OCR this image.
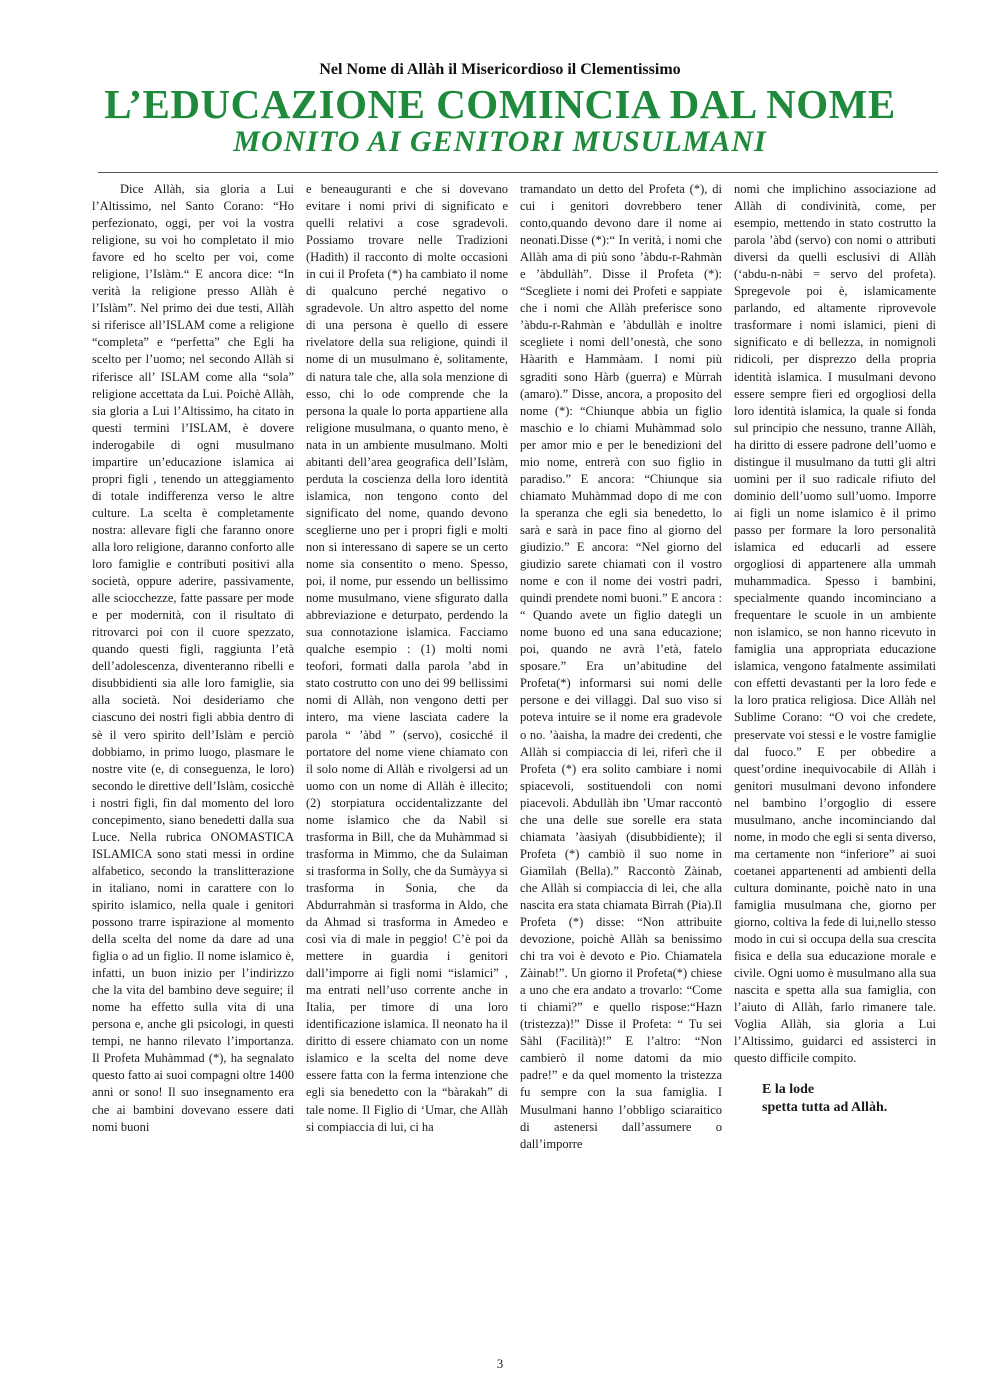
Nel Nome di Allàh il Misericordioso il Clementissimo
L’EDUCAZIONE COMINCIA DAL NOME
MONITO AI GENITORI MUSULMANI

Dice Allàh, sia gloria a Lui l’Altissimo, nel Santo Corano: “Ho perfezionato, oggi, per voi la vostra religione, su voi ho completato il mio favore ed ho scelto per voi, come religione, l’Islàm.“ E ancora dice: “In verità la religione presso Allàh è l’Islàm”. Nel primo dei due testi, Allàh si riferisce all’ISLAM come a religione “completa” e “perfetta” che Egli ha scelto per l’uomo; nel secondo Allàh si riferisce all’ ISLAM come alla “sola” religione accettata da Lui. Poichè Allàh, sia gloria a Lui l’Altissimo, ha citato in questi termini l’ISLAM, è dovere inderogabile di ogni musulmano impartire un’educazione islamica ai propri figli , tenendo un atteggiamento di totale indifferenza verso le altre culture. La scelta è completamente nostra: allevare figli che faranno onore alla loro religione, daranno conforto alle loro famiglie e contributi positivi alla società, oppure aderire, passivamente, alle sciocchezze, fatte passare per mode e per modernità, con il risultato di ritrovarci poi con il cuore spezzato, quando questi figli, raggiunta l’età dell’adolescenza, diventeranno ribelli e disubbidienti sia alle loro famiglie, sia alla società. Noi desideriamo che ciascuno dei nostri figli abbia dentro di sè il vero spirito dell’Islàm e perciò dobbiamo, in primo luogo, plasmare le nostre vite (e, di conseguenza, le loro) secondo le direttive dell’Islàm, cosicchè i nostri figli, fin dal momento del loro concepimento, siano benedetti dalla sua Luce. Nella rubrica ONOMASTICA ISLAMICA sono stati messi in ordine alfabetico, secondo la translitterazione in italiano, nomi in carattere con lo spirito islamico, nella quale i genitori possono trarre ispirazione al momento della scelta del nome da dare ad una figlia o ad un figlio. Il nome islamico è, infatti, un buon inizio per l’indirizzo che la vita del bambino deve seguire; il nome ha effetto sulla vita di una persona e, anche gli psicologi, in questi tempi, ne hanno rilevato l’importanza. Il Profeta Muhàmmad (*), ha segnalato questo fatto ai suoi compagni oltre 1400 anni or sono! Il suo insegnamento era che ai bambini dovevano essere dati nomi buoni

e beneauguranti e che si dovevano evitare i nomi privi di significato e quelli relativi a cose sgradevoli. Possiamo trovare nelle Tradizioni (Hadìth) il racconto di molte occasioni in cui il Profeta (*) ha cambiato il nome di qualcuno perché negativo o sgradevole. Un altro aspetto del nome di una persona è quello di essere rivelatore della sua religione, quindi il nome di un musulmano è, solitamente, di natura tale che, alla sola menzione di esso, chi lo ode comprende che la persona la quale lo porta appartiene alla religione musulmana, o quanto meno, è nata in un ambiente musulmano. Molti abitanti dell’area geografica dell’Islàm, perduta la coscienza della loro identità islamica, non tengono conto del significato del nome, quando devono sceglierne uno per i propri figli e molti non si interessano di sapere se un certo nome sia consentito o meno. Spesso, poi, il nome, pur essendo un bellissimo nome musulmano, viene sfigurato dalla abbreviazione e deturpato, perdendo la sua connotazione islamica. Facciamo qualche esempio : (1) molti nomi teofori, formati dalla parola ’abd in stato costrutto con uno dei 99 bellissimi nomi di Allàh, non vengono detti per intero, ma viene lasciata cadere la parola “ ’àbd ” (servo), cosicché il portatore del nome viene chiamato con il solo nome di Allàh e rivolgersi ad un uomo con un nome di Allàh è illecito; (2) storpiatura occidentalizzante del nome islamico che da Nabìl si trasforma in Bill, che da Muhàmmad si trasforma in Mimmo, che da Sulaiman si trasforma in Solly, che da Sumàyya si trasforma in Sonia, che da Abdurrahmàn si trasforma in Aldo, che da Ahmad si trasforma in Amedeo e così via di male in peggio! C’è poi da mettere in guardia i genitori dall’imporre ai figli nomi “islamici” , ma entrati nell’uso corrente anche in Italia, per timore di una loro identificazione islamica. Il neonato ha il diritto di essere chiamato con un nome islamico e la scelta del nome deve essere fatta con la ferma intenzione che egli sia benedetto con la “bàrakah” di tale nome. Il Figlio di ‘Umar, che Allàh si compiaccia di lui, ci ha

tramandato un detto del Profeta (*), di cui i genitori dovrebbero tener conto,quando devono dare il nome ai neonati.Disse (*):“ In verità, i nomi che Allàh ama di più sono ’àbdu-r-Rahmàn e ’àbdullàh”. Disse il Profeta (*): “Scegliete i nomi dei Profeti e sappiate che i nomi che Allàh preferisce sono ’àbdu-r-Rahmàn e ’àbdullàh e inoltre scegliete i nomi dell’onestà, che sono Hàarith e Hammàam. I nomi più sgraditi sono Hàrb (guerra) e Mùrrah (amaro).” Disse, ancora, a proposito del nome (*): “Chiunque abbia un figlio maschio e lo chiami Muhàmmad solo per amor mio e per le benedizioni del mio nome, entrerà con suo figlio in paradiso.” E ancora: “Chiunque sia chiamato Muhàmmad dopo di me con la speranza che egli sia benedetto, lo sarà e sarà in pace fino al giorno del giudizio.” E ancora: “Nel giorno del giudizio sarete chiamati con il vostro nome e con il nome dei vostri padri, quindi prendete nomi buoni.” E ancora : “ Quando avete un figlio dategli un nome buono ed una sana educazione; poi, quando ne avrà l’età, fatelo sposare.” Era un’abitudine del Profeta(*) informarsi sui nomi delle persone e dei villaggi. Dal suo viso si poteva intuire se il nome era gradevole o no. ’àaisha, la madre dei credenti, che Allàh si compiaccia di lei, riferì che il Profeta (*) era solito cambiare i nomi spiacevoli, sostituendoli con nomi piacevoli. Abdullàh ibn ’Umar raccontò che una delle sue sorelle era stata chiamata ’àasiyah (disubbidiente); il Profeta (*) cambiò il suo nome in Giamìlah (Bella).” Raccontò Zàinab, che Allàh si compiaccia di lei, che alla nascita era stata chiamata Bìrrah (Pia).Il Profeta (*) disse: “Non attribuite devozione, poichè Allàh sa benissimo chi tra voi è devoto e Pio. Chiamatela Zàinab!”. Un giorno il Profeta(*) chiese a uno che era andato a trovarlo: “Come ti chiami?” e quello rispose:“Hazn (tristezza)!” Disse il Profeta: “ Tu sei Sàhl (Facilità)!” E l’altro: “Non cambierò il nome datomi da mio padre!” e da quel momento la tristezza fu sempre con la sua famiglia. I Musulmani hanno l’obbligo sciaraitico di astenersi dall’assumere o dall’imporre

nomi che implichino associazione ad Allàh di condivinità, come, per esempio, mettendo in stato costrutto la parola ’àbd (servo) con nomi o attributi diversi da quelli esclusivi di Allàh (‘abdu-n-nàbi = servo del profeta). Spregevole poi è, islamicamente parlando, ed altamente riprovevole trasformare i nomi islamici, pieni di significato e di bellezza, in nomignoli ridicoli, per disprezzo della propria identità islamica. I musulmani devono essere sempre fieri ed orgogliosi della loro identità islamica, la quale si fonda sul principio che nessuno, tranne Allàh, ha diritto di essere padrone dell’uomo e distingue il musulmano da tutti gli altri uomini per il suo radicale rifiuto del dominio dell’uomo sull’uomo. Imporre ai figli un nome islamico è il primo passo per formare la loro personalità islamica ed educarli ad essere orgogliosi di appartenere alla ummah muhammadica. Spesso i bambini, specialmente quando incominciano a frequentare le scuole in un ambiente non islamico, se non hanno ricevuto in famiglia una appropriata educazione islamica, vengono fatalmente assimilati con effetti devastanti per la loro fede e la loro pratica religiosa. Dice Allàh nel Sublime Corano: “O voi che credete, preservate voi stessi e le vostre famiglie dal fuoco.” E per obbedire a quest’ordine inequivocabile di Allàh i genitori musulmani devono infondere nel bambino l’orgoglio di essere musulmano, anche incominciando dal nome, in modo che egli si senta diverso, ma certamente non “inferiore” ai suoi coetanei appartenenti ad ambienti della cultura dominante, poichè nato in una famiglia musulmana che, giorno per giorno, coltiva la fede di lui,nello stesso modo in cui si occupa della sua crescita fisica e della sua educazione morale e civile. Ogni uomo è musulmano alla sua nascita e spetta alla sua famiglia, con l’aiuto di Allàh, farlo rimanere tale. Voglia Allàh, sia gloria a Lui l’Altissimo, guidarci ed assisterci in questo difficile compito.

E la lode
spetta tutta ad Allàh.
3
